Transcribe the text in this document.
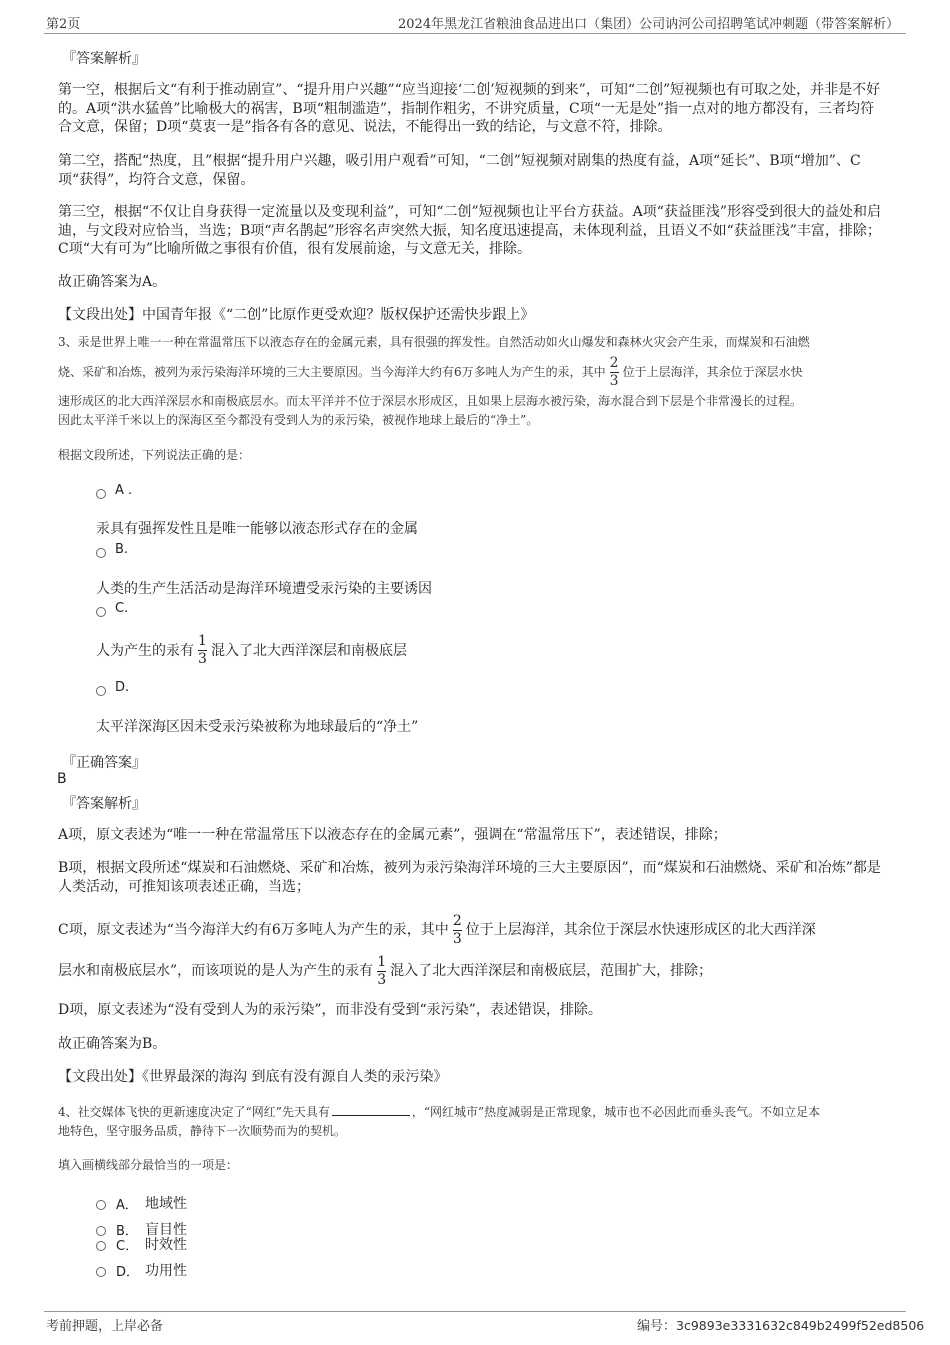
第2页	2024年黑龙江省粮油食品进出口（集团）公司讷河公司招聘笔试冲刺题（带答案解析）
『答案解析』
第一空，根据后文“有利于推动剧宣”、“提升用户兴趣”“应当迎接‘二创’短视频的到来”，可知“二创”短视频也有可取之处，并非是不好的。A项“洪水猛兽”比喻极大的祸害，B项“粗制滥造”，指制作粗劣，不讲究质量，C项“一无是处”指一点对的地方都没有，三者均符合文意，保留；D项“莫衷一是”指各有各的意见、说法，不能得出一致的结论，与文意不符，排除。
第二空，搭配“热度，且”根据“提升用户兴趣，吸引用户观看”可知，“二创”短视频对剧集的热度有益，A项“延长”、B项“增加”、C项“获得”，均符合文意，保留。
第三空，根据“不仅让自身获得一定流量以及变现利益”，可知“二创”短视频也让平台方获益。A项“获益匪浅”形容受到很大的益处和启迪，与文段对应恰当，当选；B项“声名鹊起”形容名声突然大振，知名度迅速提高，未体现利益，且语义不如“获益匪浅”丰富，排除；C项“大有可为”比喻所做之事很有价值，很有发展前途，与文意无关，排除。
故正确答案为A。
【文段出处】中国青年报《“二创”比原作更受欢迎？版权保护还需快步跟上》
3、汞是世界上唯一一种在常温常压下以液态存在的金属元素，具有很强的挥发性。自然活动如火山爆发和森林火灾会产生汞，而煤炭和石油燃
烧、采矿和冶炼，被列为汞污染海洋环境的三大主要原因。当今海洋大约有6万多吨人为产生的汞，其中 $\frac{2}{3}$ 位于上层海洋，其余位于深层水快
速形成区的北大西洋深层水和南极底层水。而太平洋并不位于深层水形成区，且如果上层海水被污染，海水混合到下层是个非常漫长的过程。
因此太平洋千米以上的深海区至今都没有受到人为的汞污染，被视作地球上最后的“净土”。
根据文段所述，下列说法正确的是：
A .
汞具有强挥发性且是唯一能够以液态形式存在的金属
B.
人类的生产生活活动是海洋环境遭受汞污染的主要诱因
C.
人为产生的汞有 $\frac{1}{3}$ 混入了北大西洋深层和南极底层
D.
太平洋深海区因未受汞污染被称为地球最后的“净土”
『正确答案』
B
『答案解析』
A项，原文表述为“唯一一种在常温常压下以液态存在的金属元素”，强调在“常温常压下”，表述错误，排除；
B项，根据文段所述“煤炭和石油燃烧、采矿和冶炼，被列为汞污染海洋环境的三大主要原因”，而“煤炭和石油燃烧、采矿和冶炼”都是人类活动，可推知该项表述正确，当选；
C项，原文表述为“当今海洋大约有6万多吨人为产生的汞，其中 $\frac{2}{3}$ 位于上层海洋，其余位于深层水快速形成区的北大西洋深
层水和南极底层水”，而该项说的是人为产生的汞有 $\frac{1}{3}$ 混入了北大西洋深层和南极底层，范围扩大，排除；
D项，原文表述为“没有受到人为的汞污染”，而非没有受到“汞污染”，表述错误，排除。
故正确答案为B。
【文段出处】《世界最深的海沟 到底有没有源自人类的汞污染》
4、社交媒体飞快的更新速度决定了“网红”先天具有	，“网红城市”热度减弱是正常现象，城市也不必因此而垂头丧气。不如立足本
地特色，坚守服务品质，静待下一次顺势而为的契机。
填入画横线部分最恰当的一项是：
A． 地域性
B． 盲目性
C． 时效性
D． 功用性
考前押题，上岸必备	编号：3c9893e3331632c849b2499f52ed8506
